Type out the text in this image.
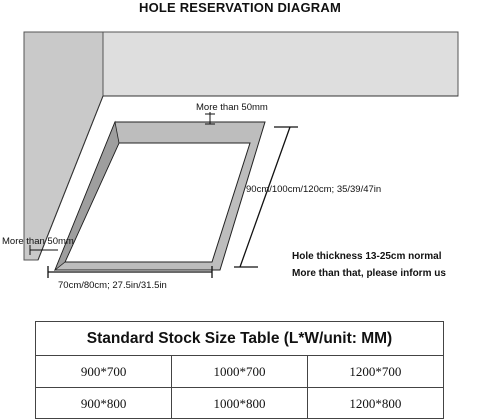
HOLE RESERVATION DIAGRAM
More than 50mm
More than 50mm
90cm/100cm/120cm; 35/39/47in
70cm/80cm; 27.5in/31.5in
Hole thickness 13-25cm normal
More than that, please inform us
Standard Stock Size Table (L*W/unit: MM)
900*700	1000*700	1200*700
900*800	1000*800	1200*800
